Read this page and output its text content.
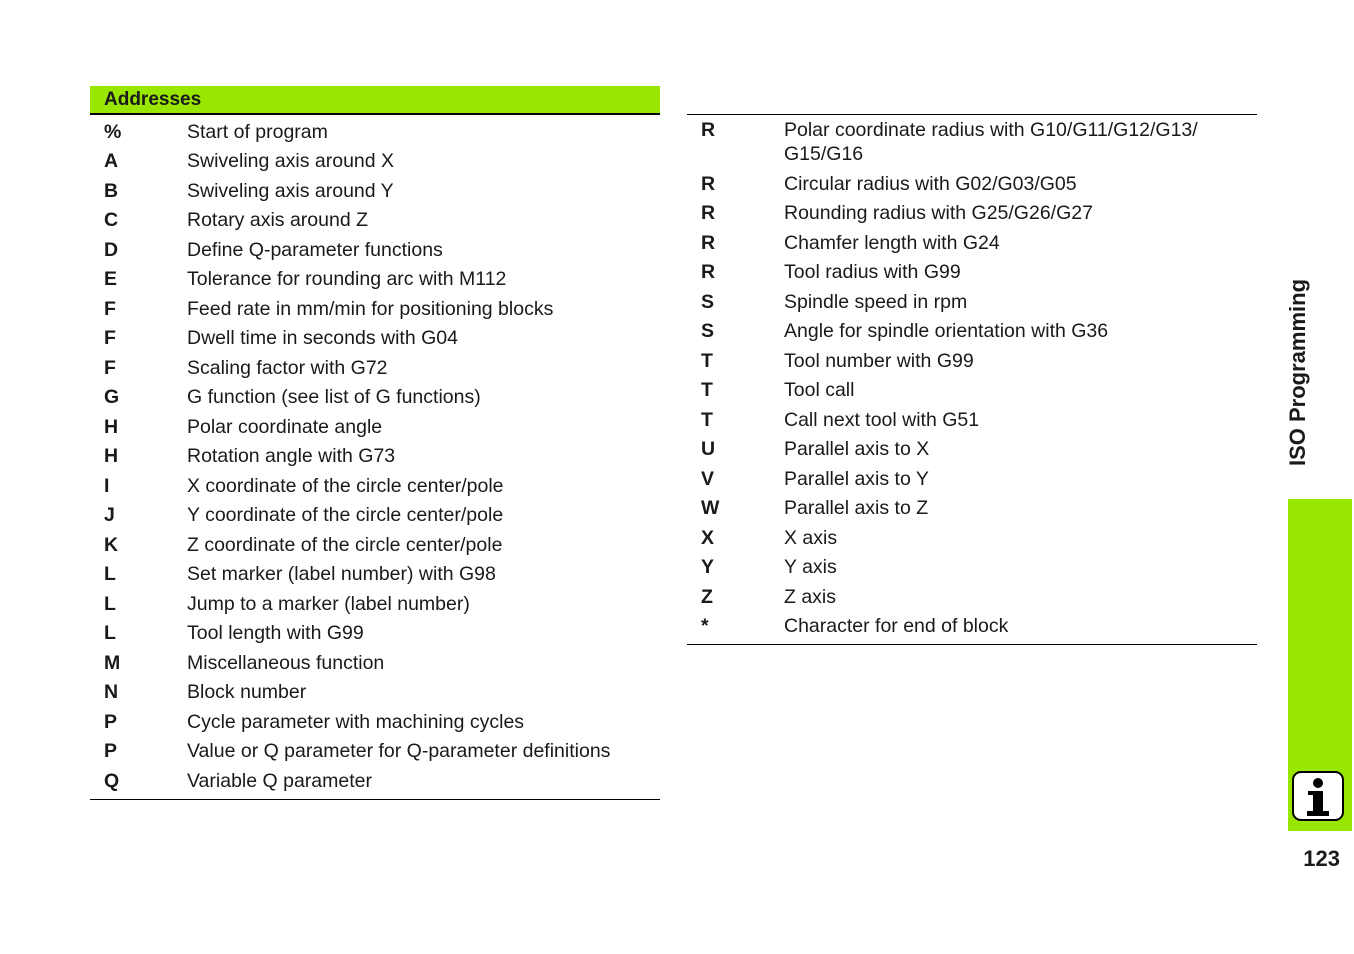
Addresses
%	Start of program
A	Swiveling axis around X
B	Swiveling axis around Y
C	Rotary axis around Z
D	Define Q-parameter functions
E	Tolerance for rounding arc with M112
F	Feed rate in mm/min for positioning blocks
F	Dwell time in seconds with G04
F	Scaling factor with G72
G	G function (see list of G functions)
H	Polar coordinate angle
H	Rotation angle with G73
I	X coordinate of the circle center/pole
J	Y coordinate of the circle center/pole
K	Z coordinate of the circle center/pole
L	Set marker (label number) with G98
L	Jump to a marker (label number)
L	Tool length with G99
M	Miscellaneous function
N	Block number
P	Cycle parameter with machining cycles
P	Value or Q parameter for Q-parameter definitions
Q	Variable Q parameter
R	Polar coordinate radius with G10/G11/G12/G13/ G15/G16
R	Circular radius with G02/G03/G05
R	Rounding radius with G25/G26/G27
R	Chamfer length with G24
R	Tool radius with G99
S	Spindle speed in rpm
S	Angle for spindle orientation with G36
T	Tool number with G99
T	Tool call
T	Call next tool with G51
U	Parallel axis to X
V	Parallel axis to Y
W	Parallel axis to Z
X	X axis
Y	Y axis
Z	Z axis
*	Character for end of block
ISO Programming
123
